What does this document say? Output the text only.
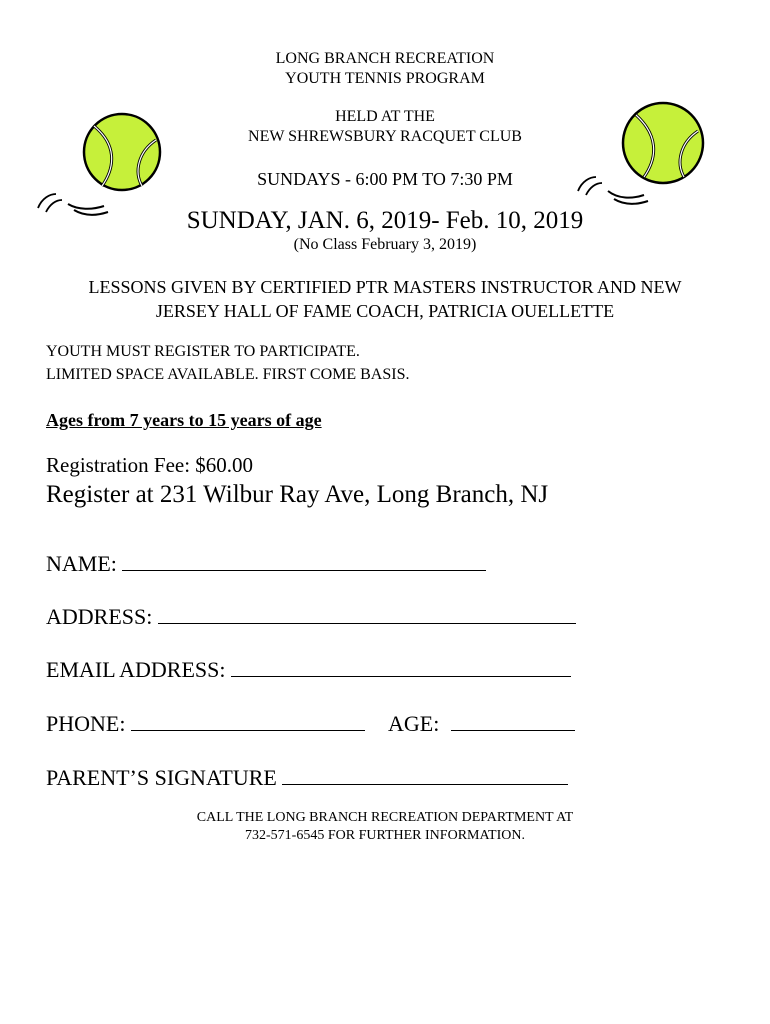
LONG BRANCH RECREATION
YOUTH TENNIS PROGRAM
HELD AT THE
NEW SHREWSBURY RACQUET CLUB
SUNDAYS - 6:00 PM TO 7:30 PM
SUNDAY, JAN. 6, 2019- Feb. 10, 2019
(No Class February 3, 2019)
LESSONS GIVEN BY CERTIFIED PTR MASTERS INSTRUCTOR AND NEW
JERSEY HALL OF FAME COACH, PATRICIA OUELLETTE
YOUTH MUST REGISTER TO PARTICIPATE.
LIMITED SPACE AVAILABLE. FIRST COME BASIS.
Ages from 7 years to 15 years of age
Registration Fee: $60.00
Register at 231 Wilbur Ray Ave, Long Branch, NJ
NAME:
ADDRESS:
EMAIL ADDRESS:
PHONE:	AGE:
PARENT’S SIGNATURE
CALL THE LONG BRANCH RECREATION DEPARTMENT AT
732-571-6545 FOR FURTHER INFORMATION.
